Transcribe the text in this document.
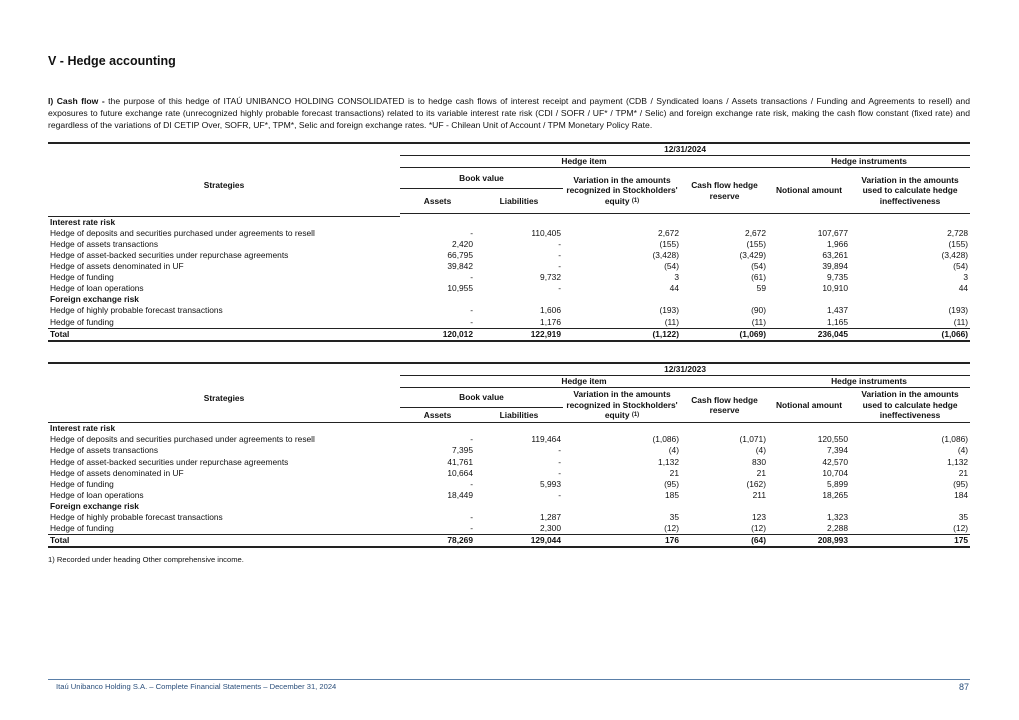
V - Hedge accounting
I) Cash flow - the purpose of this hedge of ITAÚ UNIBANCO HOLDING CONSOLIDATED is to hedge cash flows of interest receipt and payment (CDB / Syndicated loans / Assets transactions / Funding and Agreements to resell) and exposures to future exchange rate (unrecognized highly probable forecast transactions) related to its variable interest rate risk (CDI / SOFR / UF* / TPM* / Selic) and foreign exchange rate risk, making the cash flow constant (fixed rate) and regardless of the variations of DI CETIP Over, SOFR, UF*, TPM*, Selic and foreign exchange rates. *UF - Chilean Unit of Account / TPM Monetary Policy Rate.
	12/31/2024					
Strategies	Hedge item				Hedge instruments	
	Book value		Variation in the amounts recognized in Stockholders' equity $^{(1)}$	Cash flow hedge reserve	Notional amount	Variation in the amounts used to calculate hedge ineffectiveness
	Assets	Liabilities				

Interest rate risk						
Hedge of deposits and securities purchased under agreements to resell	-	110,405	2,672	2,672	107,677	2,728
Hedge of assets transactions	2,420	-	(155)	(155)	1,966	(155)
Hedge of asset-backed securities under repurchase agreements	66,795	-	(3,428)	(3,429)	63,261	(3,428)
Hedge of assets denominated in UF	39,842	-	(54)	(54)	39,894	(54)
Hedge of funding	-	9,732	3	(61)	9,735	3
Hedge of loan operations	10,955	-	44	59	10,910	44
Foreign exchange risk						
Hedge of highly probable forecast transactions	-	1,606	(193)	(90)	1,437	(193)
Hedge of funding	-	1,176	(11)	(11)	1,165	(11)
Total	120,012	122,919	(1,122)	(1,069)	236,045	(1,066)
	12/31/2023					
Strategies	Hedge item				Hedge instruments	
	Book value		Variation in the amounts recognized in Stockholders' equity $^{(1)}$	Cash flow hedge reserve	Notional amount	Variation in the amounts used to calculate hedge ineffectiveness
	Assets	Liabilities				
Interest rate risk						
Hedge of deposits and securities purchased under agreements to resell	-	119,464	(1,086)	(1,071)	120,550	(1,086)
Hedge of assets transactions	7,395	-	(4)	(4)	7,394	(4)
Hedge of asset-backed securities under repurchase agreements	41,761	-	1,132	830	42,570	1,132
Hedge of assets denominated in UF	10,664	-	21	21	10,704	21
Hedge of funding	-	5,993	(95)	(162)	5,899	(95)
Hedge of loan operations	18,449	-	185	211	18,265	184
Foreign exchange risk						
Hedge of highly probable forecast transactions	-	1,287	35	123	1,323	35
Hedge of funding	-	2,300	(12)	(12)	2,288	(12)
Total	78,269	129,044	176	(64)	208,993	175
1) Recorded under heading Other comprehensive income.
Itaú Unibanco Holding S.A. – Complete Financial Statements – December 31, 2024	87
